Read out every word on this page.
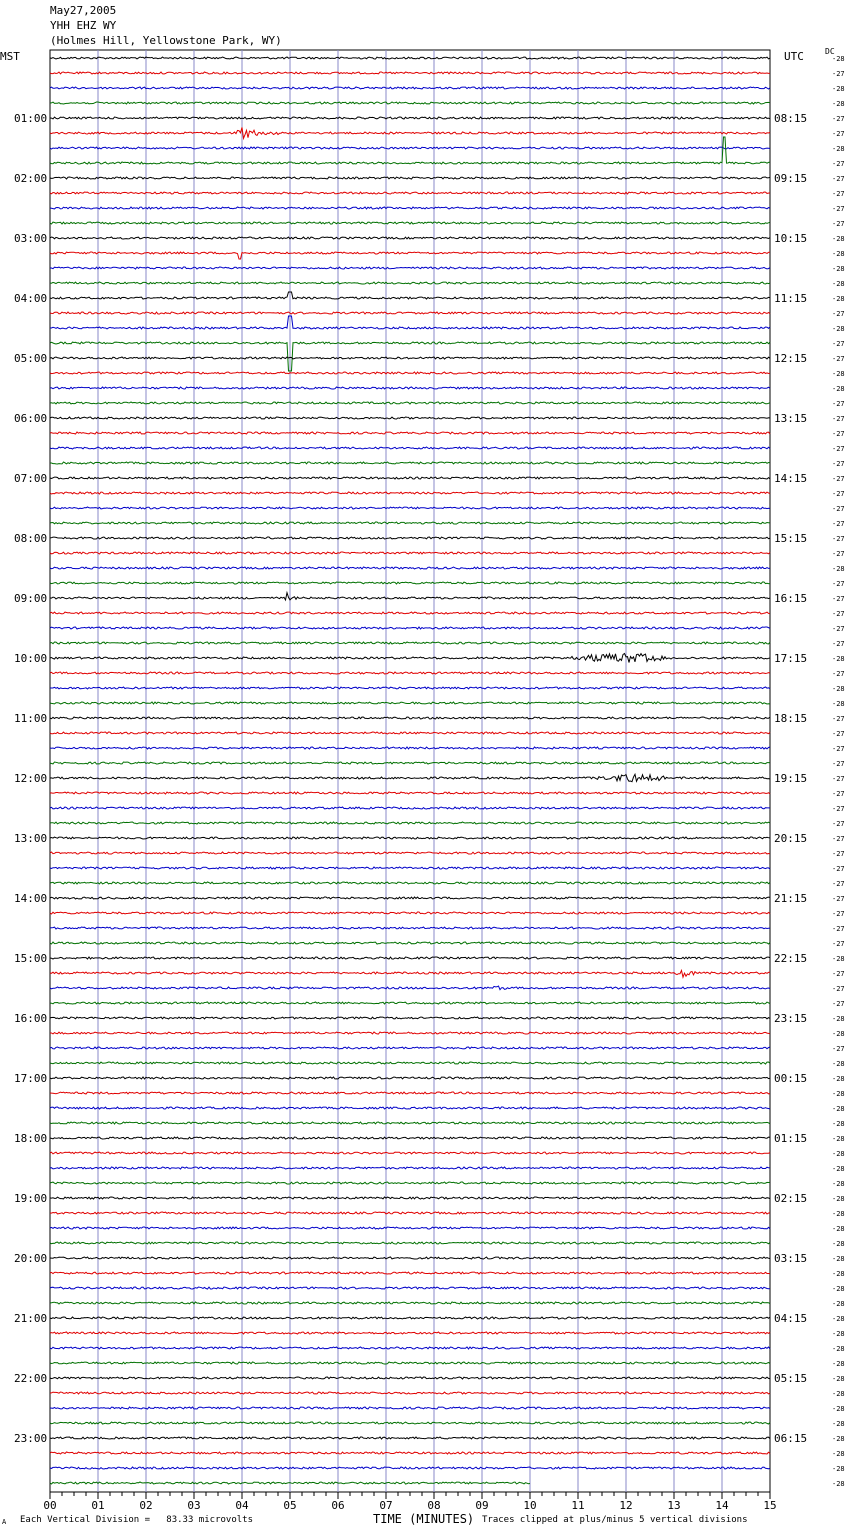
May27,2005
YHH EHZ WY
(Holmes Hill, Yellowstone Park, WY)
MST	UTC	DC
-28
-27
-28
-28
-27
-27
-28
-27
-27
-27
-27
-27
-28
-28
-28
-28
-28
-27
-28
-27
-27
-28
-28
-27
-27
-27
-27
-27
-27
-27
-27
-27
-27
-27
-28
-27
-27
-27
-27
-27
-28
-27
-28
-28
-27
-27
-27
-27
-27
-27
-27
-27
-27
-27
-27
-27
-27
-27
-27
-27
-28
-27
-27
-27
-28
-28
-27
-28
-28
-28
-28
-28
-28
-28
-28
-28
-28
-28
-28
-28
-28
-28
-28
-28
-28
-28
-28
-28
-28
-28
-28
-28
-28
-28
-28
-28
01:00
02:00
03:00
04:00
05:00
06:00
07:00
08:00
09:00
10:00
11:00
12:00
13:00
14:00
15:00
16:00
17:00
18:00
19:00
20:00
21:00
22:00
23:00
08:15
09:15
10:15
11:15
12:15
13:15
14:15
15:15
16:15
17:15
18:15
19:15
20:15
21:15
22:15
23:15
00:15
01:15
02:15
03:15
04:15
05:15
06:15
00	01	02	03	04	05	06	07	08	09	10	11	12	13	14	15
A Each Vertical Division =   83.33 microvolts	TIME (MINUTES) Traces clipped at plus/minus 5 vertical divisions
